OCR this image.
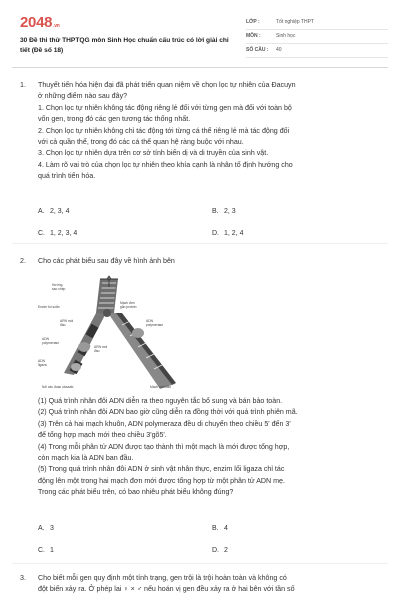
2048.vn
30 Đề thi thử THPTQG môn Sinh Học chuẩn cấu trúc có lời giải chi tiết (Đề số 18)
LỚP :	Tốt nghiệp THPT
MÔN :	Sinh học
SỐ CÂU : 40
1. Thuyết tiến hóa hiện đại đã phát triển quan niệm về chọn lọc tự nhiên của Đacuyn

ở những điểm nào sau đây?

1. Chọn lọc tự nhiên không tác động riêng lẻ đối với từng gen mà đối với toàn bộ

vốn gen, trong đó các gen tương tác thống nhất.

2. Chọn lọc tự nhiên không chỉ tác động tới từng cá thể riêng lẻ mà tác động đối

với cả quần thể, trong đó các cá thể quan hệ ràng buộc với nhau.

3. Chọn lọc tự nhiên dựa trên cơ sở tính biến dị và di truyền của sinh vật.

4. Làm rõ vai trò của chọn lọc tự nhiên theo khía cạnh là nhân tố định hướng cho

quá trình tiến hóa.

A. 2, 3, 4	B. 2, 3
C. 1, 2, 3, 4	D. 1, 2, 4
2. Cho các phát biểu sau đây về hình ảnh bên
Hướng
sao chép
Mạch đơn
gắn protein
Enzim tói soắn
ARN mồi
đầu
ADN
polymerase
ADN
polymerase
ARN mồi
đầu
ADN
ligaza
Nối các đoạn okazaki	Mạch mới đầu

(1) Quá trình nhân đôi ADN diễn ra theo nguyên tắc bổ sung và bán bảo toàn.

(2) Quá trình nhân đôi ADN bao giờ cũng diễn ra đồng thời với quá trình phiên mã.

(3) Trên cả hai mạch khuôn, ADN polymeraza đều di chuyển theo chiều 5' đến 3'

để tổng hợp mạch mới theo chiều 3'gõ5'.

(4) Trong mỗi phân tử ADN được tạo thành thì một mạch là mới được tổng hợp,

còn mạch kia là ADN ban đầu.

(5) Trong quá trình nhân đôi ADN ở sinh vật nhân thực, enzim lối ligaza chỉ tác

động lên một trong hai mạch đơn mới được tổng hợp từ một phân tử ADN mẹ.

Trong các phát biểu trên, có bao nhiêu phát biểu không đúng?

A. 3	B. 4
C. 1	D. 2
3. Cho biết mỗi gen quy định một tính trạng, gen trội là trội hoàn toàn và không có

đột biến xảy ra. Ở phép lai ♀ × ♂ nếu hoán vị gen đều xảy ra ở hai bên với tần số
